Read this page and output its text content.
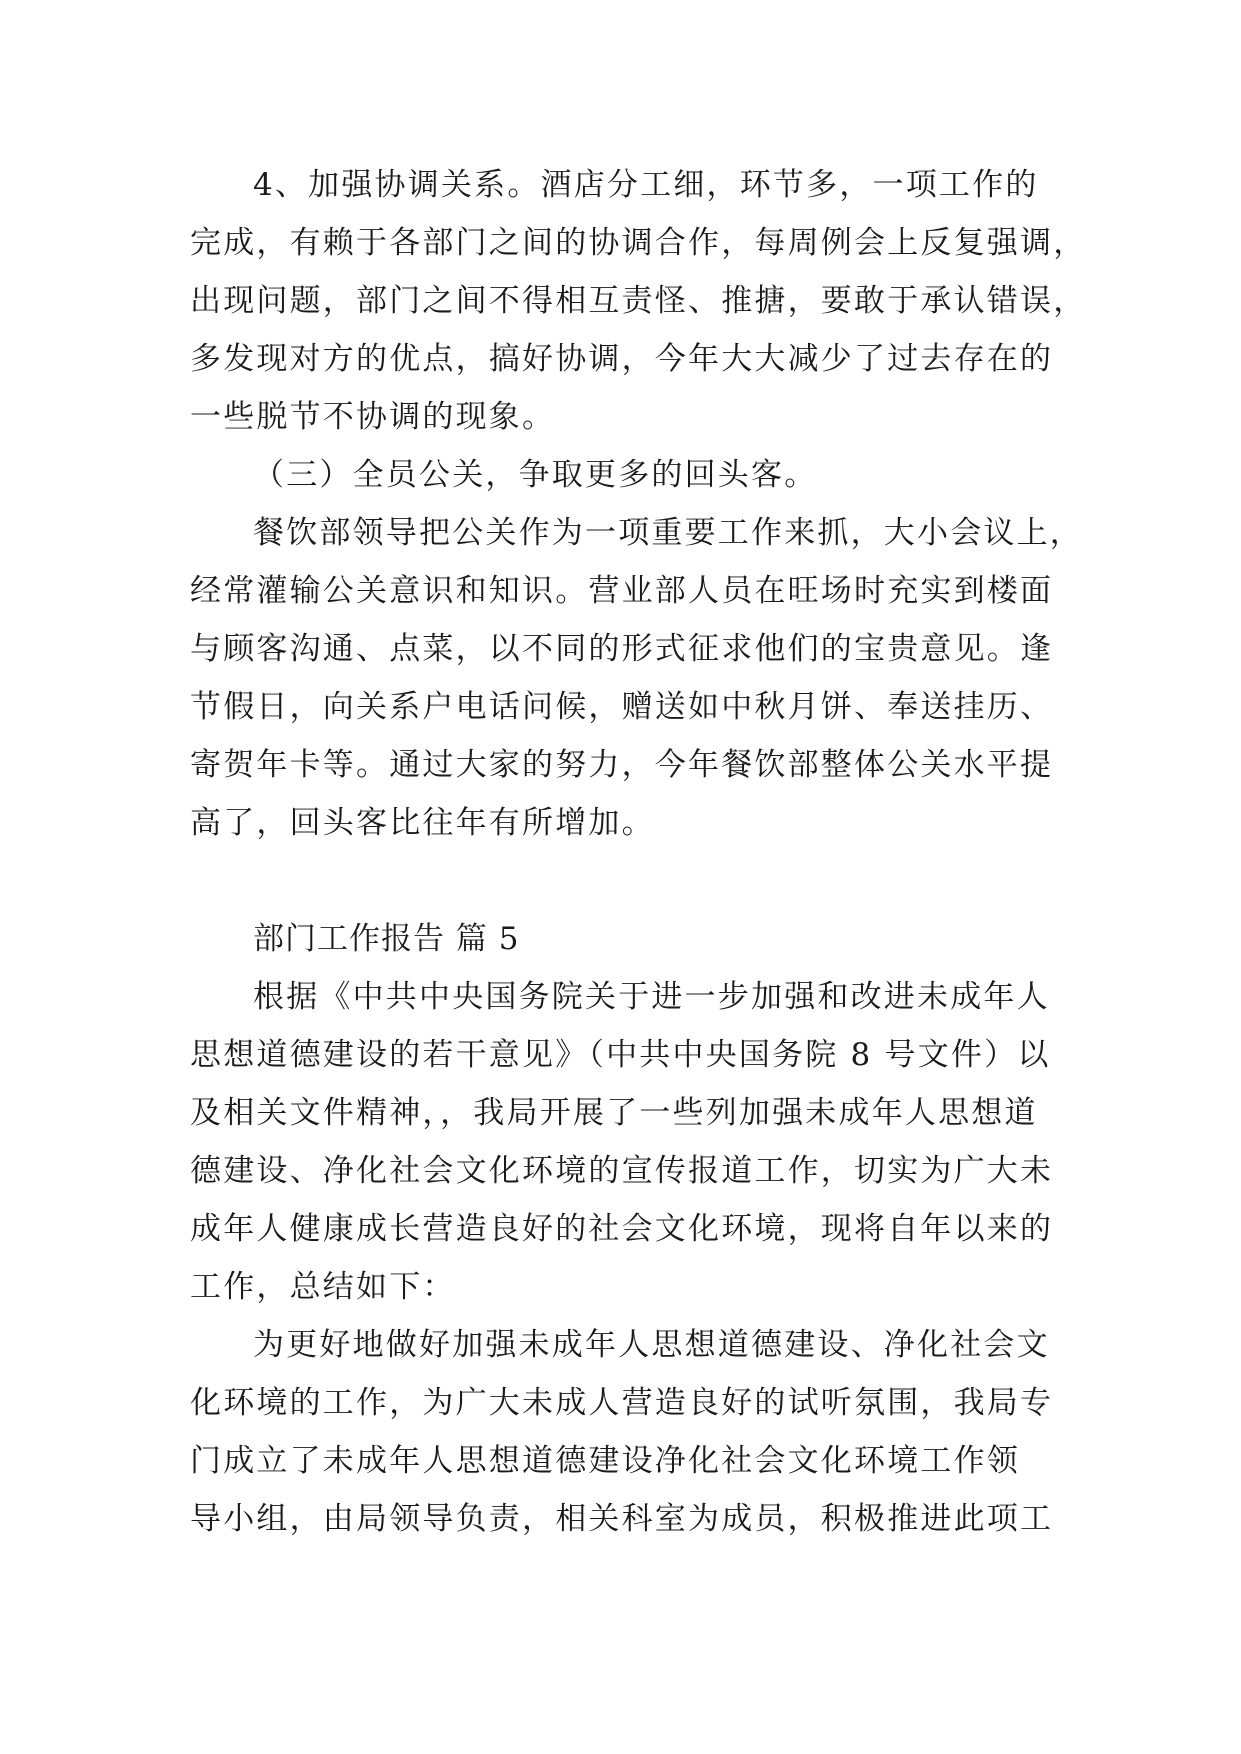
4、加强协调关系。酒店分工细，环节多，一项工作的
完成，有赖于各部门之间的协调合作，每周例会上反复强调，
出现问题，部门之间不得相互责怪、推搪，要敢于承认错误，
多发现对方的优点，搞好协调，今年大大减少了过去存在的
一些脱节不协调的现象。
（三）全员公关，争取更多的回头客。
餐饮部领导把公关作为一项重要工作来抓，大小会议上，
经常灌输公关意识和知识。营业部人员在旺场时充实到楼面
与顾客沟通、点菜，以不同的形式征求他们的宝贵意见。逢
节假日，向关系户电话问候，赠送如中秋月饼、奉送挂历、
寄贺年卡等。通过大家的努力，今年餐饮部整体公关水平提
高了，回头客比往年有所增加。
部门工作报告 篇 5
根据《中共中央国务院关于进一步加强和改进未成年人
思想道德建设的若干意见》（中共中央国务院 8 号文件）以
及相关文件精神，，我局开展了一些列加强未成年人思想道
德建设、净化社会文化环境的宣传报道工作，切实为广大未
成年人健康成长营造良好的社会文化环境，现将自年以来的
工作，总结如下：
为更好地做好加强未成年人思想道德建设、净化社会文
化环境的工作，为广大未成人营造良好的试听氛围，我局专
门成立了未成年人思想道德建设净化社会文化环境工作领
导小组，由局领导负责，相关科室为成员，积极推进此项工
